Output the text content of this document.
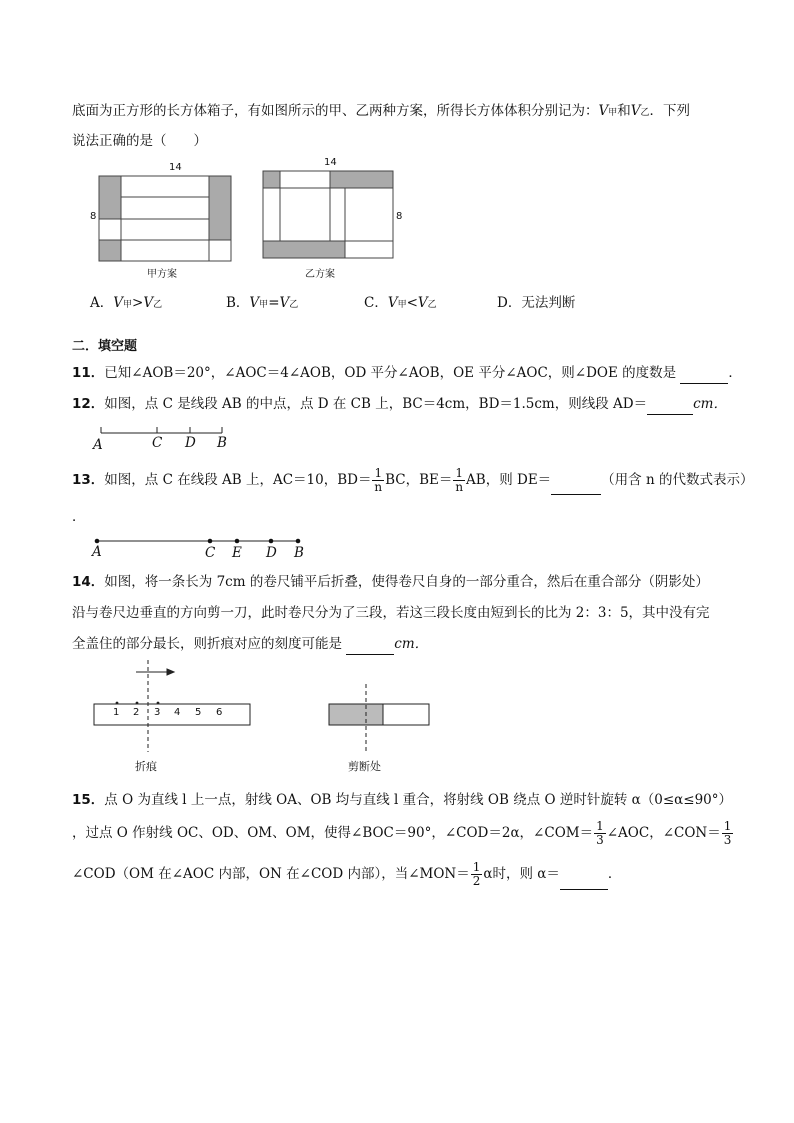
底面为正方形的长方体箱子，有如图所示的甲、乙两种方案，所得长方体体积分别记为：V甲和V乙．下列
说法正确的是（　　）
14
8
甲方案
14
8
乙方案
A．V甲>V乙	B．V甲=V乙	C．V甲<V乙	D．无法判断
二．填空题
11．已知∠AOB＝20°，∠AOC＝4∠AOB，OD 平分∠AOB，OE 平分∠AOC，则∠DOE 的度数是	．
12．如图，点 C 是线段 AB 的中点，点 D 在 CB 上，BC＝4cm，BD＝1.5cm，则线段 AD＝	cm．
A	C D B
13．如图，点 C 在线段 AB 上，AC＝10，$BD= \frac{1}{n}$ BC，$BE= \frac{1}{n}$ AB，则 DE＝	（用含 n 的代数式表示）
．
A	C E D B
14．如图，将一条长为 7cm 的卷尺铺平后折叠，使得卷尺自身的一部分重合，然后在重合部分（阴影处）
沿与卷尺边垂直的方向剪一刀，此时卷尺分为了三段，若这三段长度由短到长的比为 2：3：5，其中没有完
全盖住的部分最长，则折痕对应的刻度可能是	cm．
1 2 3 4 5 6
折痕	剪断处
15．点 O 为直线 l 上一点，射线 OA、OB 均与直线 l 重合，将射线 OB 绕点 O 逆时针旋转 α（0≤α≤90°）
，过点 O 作射线 OC、OD、OM、OM，使得∠BOC＝90°，∠COD＝2α，∠COM＝ $\frac{1}{3}$ ∠AOC，∠CON＝ $\frac{1}{3}$
∠COD（OM 在∠AOC 内部，ON 在∠COD 内部），当∠MON＝ $\frac{1}{2}$ α时，则 α＝	．
